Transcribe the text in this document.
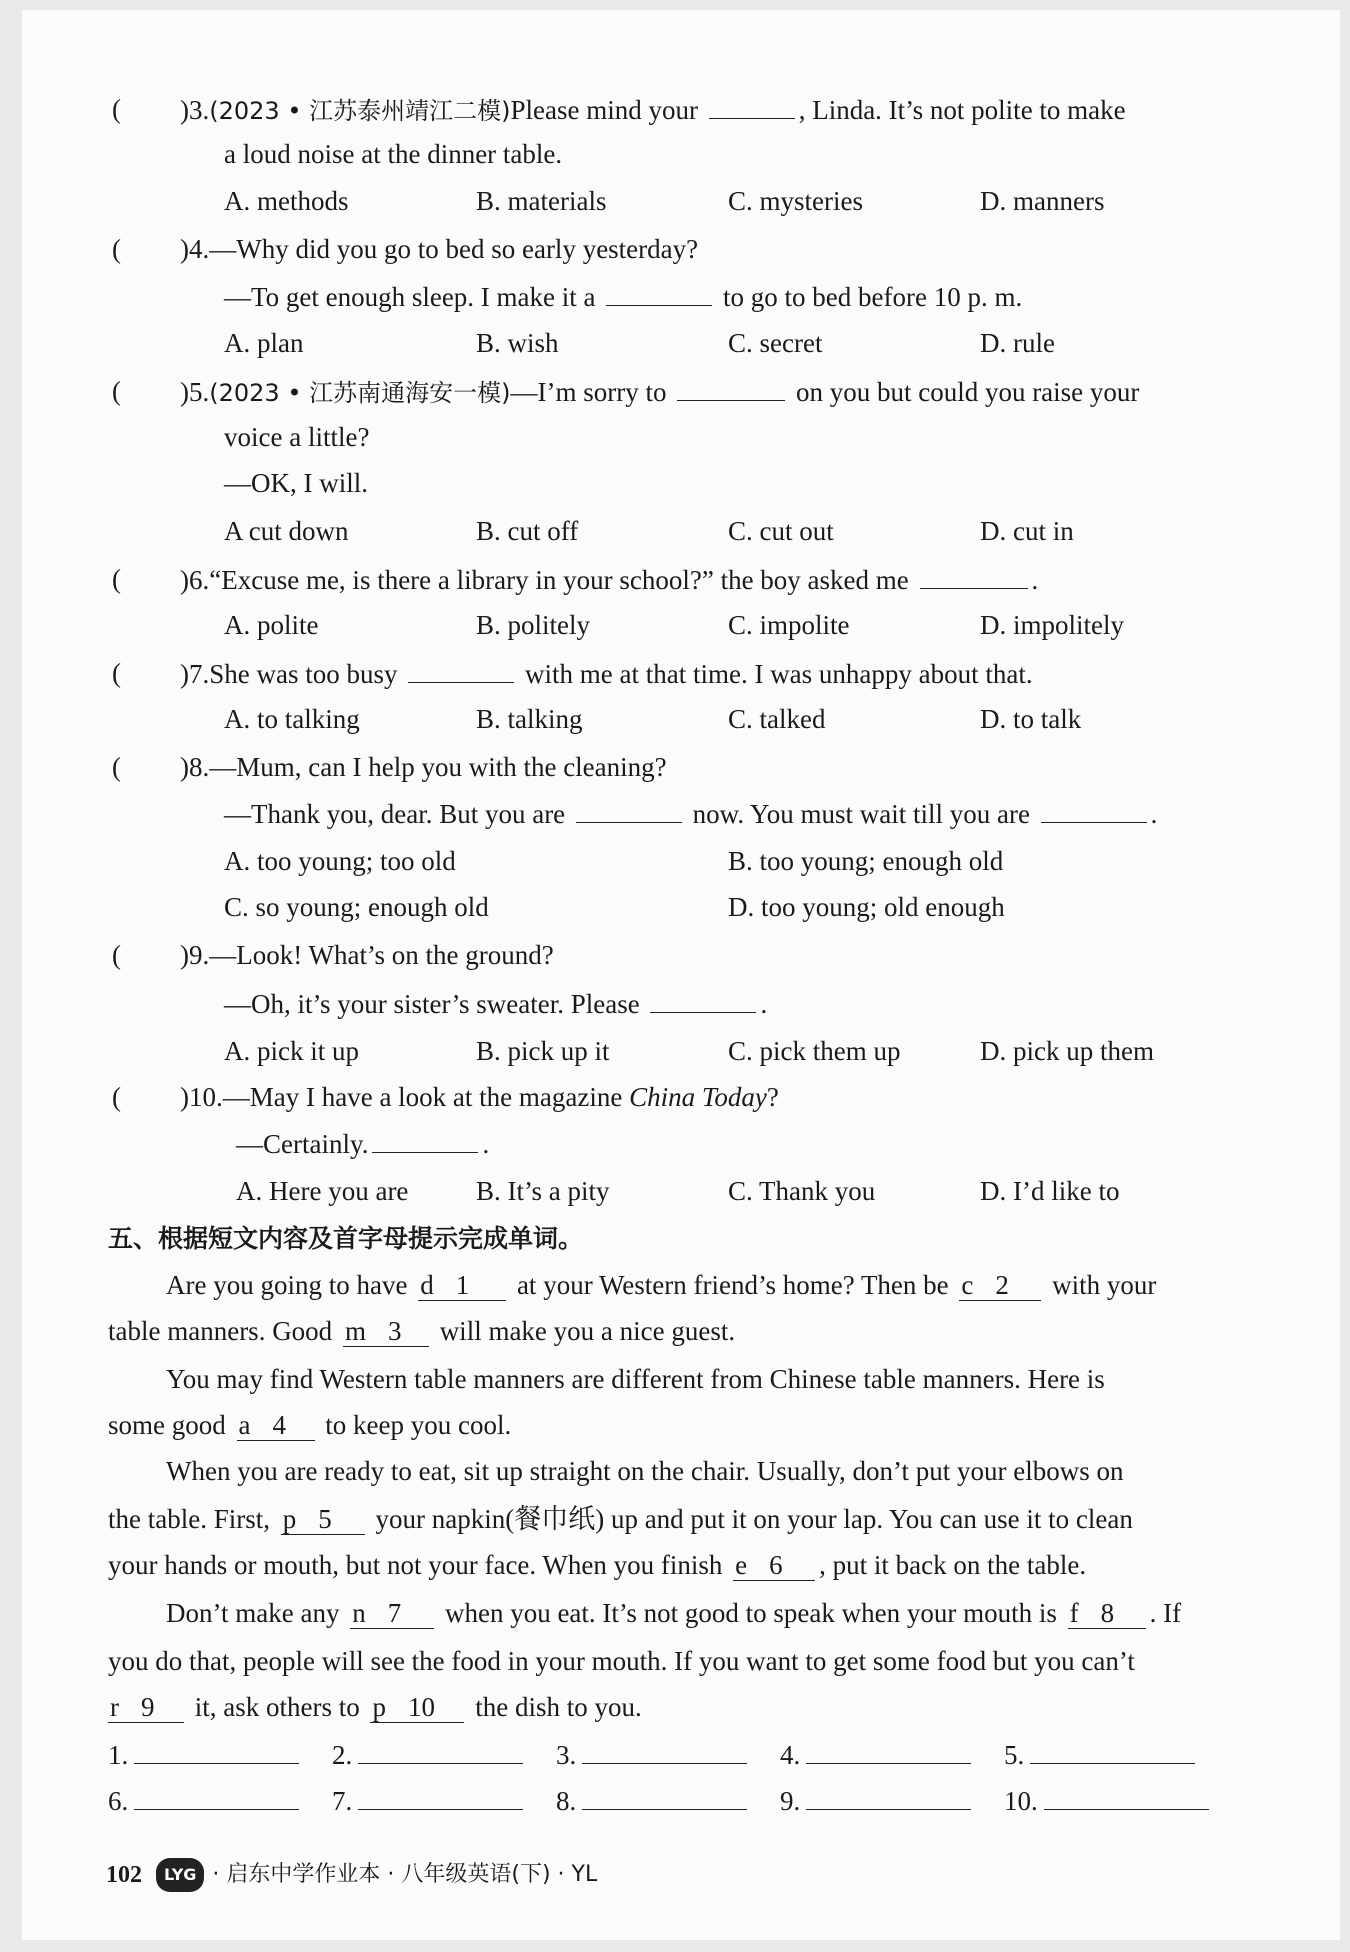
( )3.(2023 • 江苏泰州靖江二模)Please mind your	, Linda. It’s not polite to make
a loud noise at the dinner table.
A. methods	B. materials	C. mysteries	D. manners
( )4.—Why did you go to bed so early yesterday?
—To get enough sleep. I make it a	to go to bed before 10 p. m.
A. plan	B. wish	C. secret	D. rule
( )5.(2023 • 江苏南通海安一模)—I’m sorry to	on you but could you raise your
voice a little?
—OK, I will.
A cut down	B. cut off	C. cut out	D. cut in
( )6.“Excuse me, is there a library in your school?” the boy asked me	.
A. polite	B. politely	C. impolite	D. impolitely
( )7.She was too busy	with me at that time. I was unhappy about that.
A. to talking	B. talking	C. talked	D. to talk
( )8.—Mum, can I help you with the cleaning?
—Thank you, dear. But you are	now. You must wait till you are	.
A. too young; too old	B. too young; enough old
C. so young; enough old	D. too young; old enough
( )9.—Look! What’s on the ground?
—Oh, it’s your sister’s sweater. Please	.
A. pick it up	B. pick up it	C. pick them up	D. pick up them
( )10.—May I have a look at the magazine China Today?
—Certainly.	.
A. Here you are	B. It’s a pity	C. Thank you	D. I’d like to
五、根据短文内容及首字母提示完成单词。
Are you going to have d 1 at your Western friend’s home? Then be c 2 with your
table manners. Good m 3 will make you a nice guest.
You may find Western table manners are different from Chinese table manners. Here is
some good a 4 to keep you cool.
When you are ready to eat, sit up straight on the chair. Usually, don’t put your elbows on
the table. First, p 5 your napkin(餐巾纸) up and put it on your lap. You can use it to clean
your hands or mouth, but not your face. When you finish e 6 , put it back on the table.
Don’t make any n 7 when you eat. It’s not good to speak when your mouth is f 8 . If
you do that, people will see the food in your mouth. If you want to get some food but you can’t
r 9 it, ask others to p 10 the dish to you.
1.	2.	3.	4.	5.
6.	7.	8.	9.	10.
102	LYG · 启东中学作业本 · 八年级英语(下) · YL
